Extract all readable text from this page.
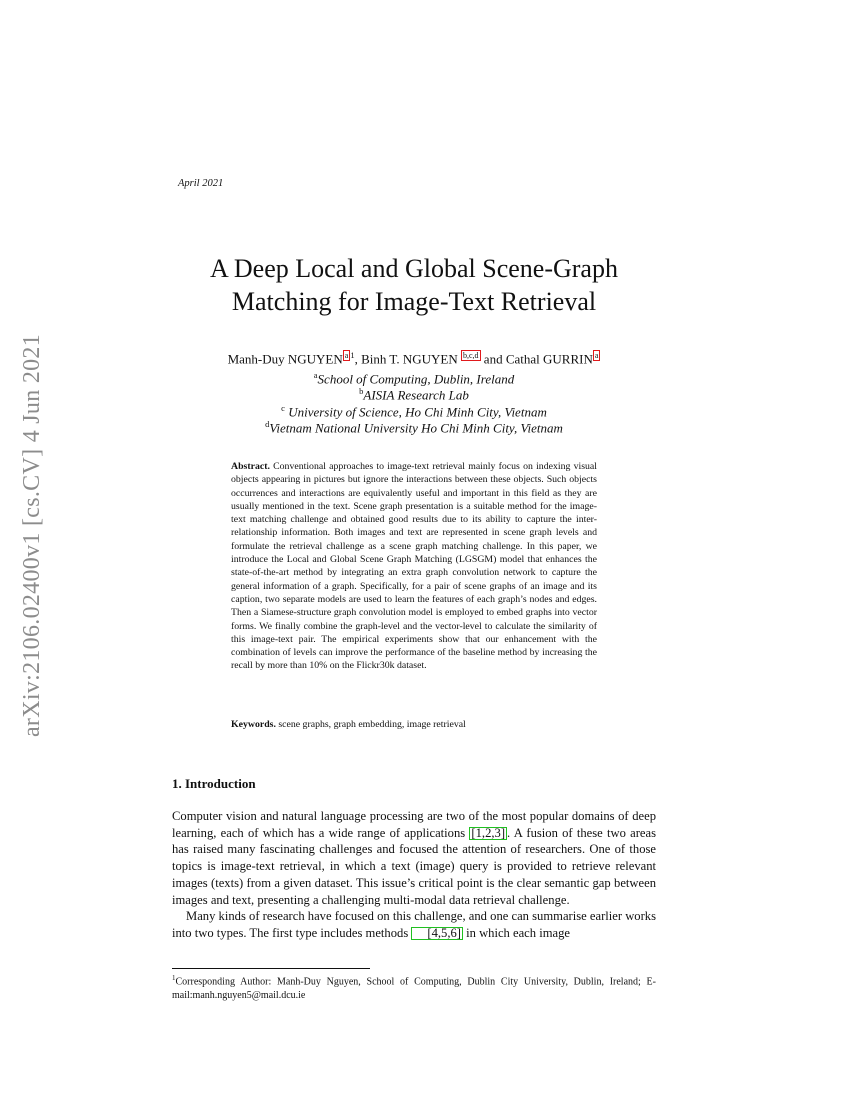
arXiv:2106.02400v1 [cs.CV] 4 Jun 2021
April 2021
A Deep Local and Global Scene-Graph
Matching for Image-Text Retrieval
Manh-Duy NGUYEN a $^1$, Binh T. NGUYEN b,c,d and Cathal GURRIN a
$^a$School of Computing, Dublin, Ireland
$^b$AISIA Research Lab
$^c$ University of Science, Ho Chi Minh City, Vietnam
$^d$Vietnam National University Ho Chi Minh City, Vietnam
Abstract. Conventional approaches to image-text retrieval mainly focus on indexing visual objects appearing in pictures but ignore the interactions between these objects. Such objects occurrences and interactions are equivalently useful and important in this field as they are usually mentioned in the text. Scene graph presentation is a suitable method for the image-text matching challenge and obtained good results due to its ability to capture the inter-relationship information. Both images and text are represented in scene graph levels and formulate the retrieval challenge as a scene graph matching challenge. In this paper, we introduce the Local and Global Scene Graph Matching (LGSGM) model that enhances the state-of-the-art method by integrating an extra graph convolution network to capture the general information of a graph. Specifically, for a pair of scene graphs of an image and its caption, two separate models are used to learn the features of each graph’s nodes and edges. Then a Siamese-structure graph convolution model is employed to embed graphs into vector forms. We finally combine the graph-level and the vector-level to calculate the similarity of this image-text pair. The empirical experiments show that our enhancement with the combination of levels can improve the performance of the baseline method by increasing the recall by more than 10% on the Flickr30k dataset.
Keywords. scene graphs, graph embedding, image retrieval
1. Introduction

Computer vision and natural language processing are two of the most popular domains of deep learning, each of which has a wide range of applications [1,2,3] . A fusion of these two areas has raised many fascinating challenges and focused the attention of researchers. One of those topics is image-text retrieval, in which a text (image) query is provided to retrieve relevant images (texts) from a given dataset. This issue’s critical point is the clear semantic gap between images and text, presenting a challenging multi-modal data retrieval challenge.

Many kinds of research have focused on this challenge, and one can summarise earlier works into two types. The first type includes methods [4,5,6] in which each image

$^1$Corresponding Author: Manh-Duy Nguyen, School of Computing, Dublin City University, Dublin, Ireland; E-mail:manh.nguyen5@mail.dcu.ie
